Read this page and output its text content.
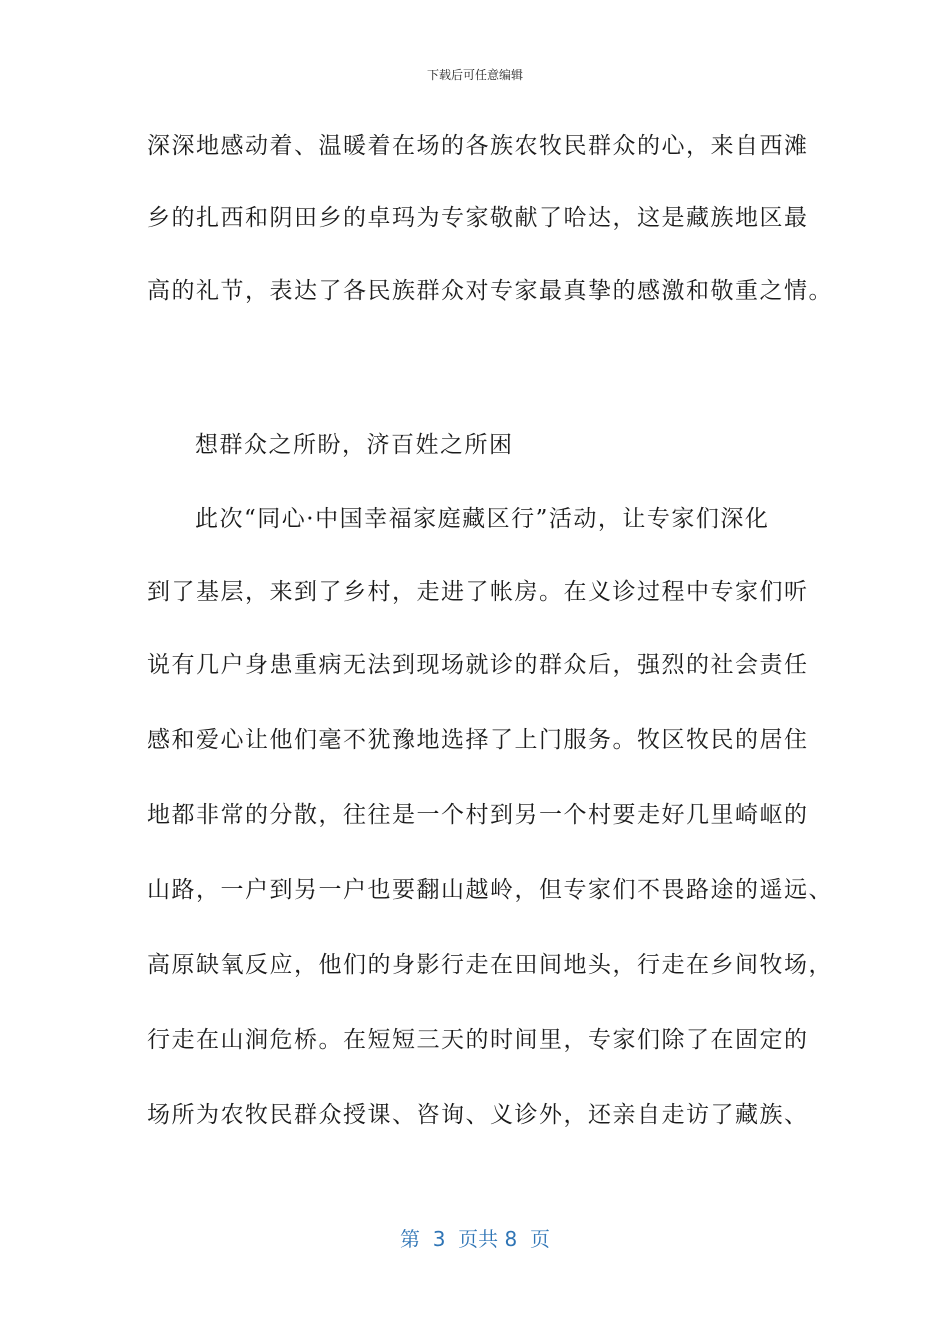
下载后可任意编辑
深深地感动着、温暖着在场的各族农牧民群众的心，来自西滩
乡的扎西和阴田乡的卓玛为专家敬献了哈达，这是藏族地区最
高的礼节，表达了各民族群众对专家最真挚的感激和敬重之情。
想群众之所盼，济百姓之所困
此次“同心·中国幸福家庭藏区行”活动，让专家们深化
到了基层，来到了乡村，走进了帐房。在义诊过程中专家们听
说有几户身患重病无法到现场就诊的群众后，强烈的社会责任
感和爱心让他们毫不犹豫地选择了上门服务。牧区牧民的居住
地都非常的分散，往往是一个村到另一个村要走好几里崎岖的
山路，一户到另一户也要翻山越岭，但专家们不畏路途的遥远、
高原缺氧反应，他们的身影行走在田间地头，行走在乡间牧场，
行走在山涧危桥。在短短三天的时间里，专家们除了在固定的
场所为农牧民群众授课、咨询、义诊外，还亲自走访了藏族、
第  3  页共 8  页
